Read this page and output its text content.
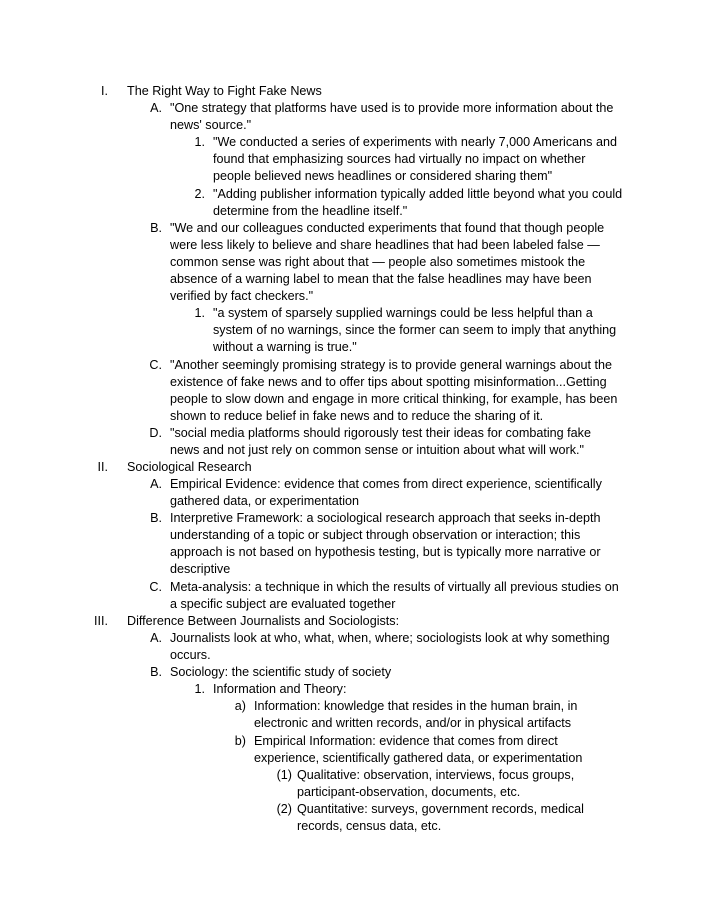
I. The Right Way to Fight Fake News
A. "One strategy that platforms have used is to provide more information about the
news' source."
1. "We conducted a series of experiments with nearly 7,000 Americans and
found that emphasizing sources had virtually no impact on whether
people believed news headlines or considered sharing them"
2. "Adding publisher information typically added little beyond what you could
determine from the headline itself."
B. "We and our colleagues conducted experiments that found that though people
were less likely to believe and share headlines that had been labeled false —
common sense was right about that — people also sometimes mistook the
absence of a warning label to mean that the false headlines may have been
verified by fact checkers."
1. "a system of sparsely supplied warnings could be less helpful than a
system of no warnings, since the former can seem to imply that anything
without a warning is true."
C. "Another seemingly promising strategy is to provide general warnings about the
existence of fake news and to offer tips about spotting misinformation...Getting
people to slow down and engage in more critical thinking, for example, has been
shown to reduce belief in fake news and to reduce the sharing of it.
D. "social media platforms should rigorously test their ideas for combating fake
news and not just rely on common sense or intuition about what will work."
II. Sociological Research
A. Empirical Evidence: evidence that comes from direct experience, scientifically
gathered data, or experimentation
B. Interpretive Framework: a sociological research approach that seeks in-depth
understanding of a topic or subject through observation or interaction; this
approach is not based on hypothesis testing, but is typically more narrative or
descriptive
C. Meta-analysis: a technique in which the results of virtually all previous studies on
a specific subject are evaluated together
III. Difference Between Journalists and Sociologists:
A. Journalists look at who, what, when, where; sociologists look at why something
occurs.
B. Sociology: the scientific study of society
1. Information and Theory:
a) Information: knowledge that resides in the human brain, in
electronic and written records, and/or in physical artifacts
b) Empirical Information: evidence that comes from direct
experience, scientifically gathered data, or experimentation
(1) Qualitative: observation, interviews, focus groups,
participant-observation, documents, etc.
(2) Quantitative: surveys, government records, medical
records, census data, etc.
